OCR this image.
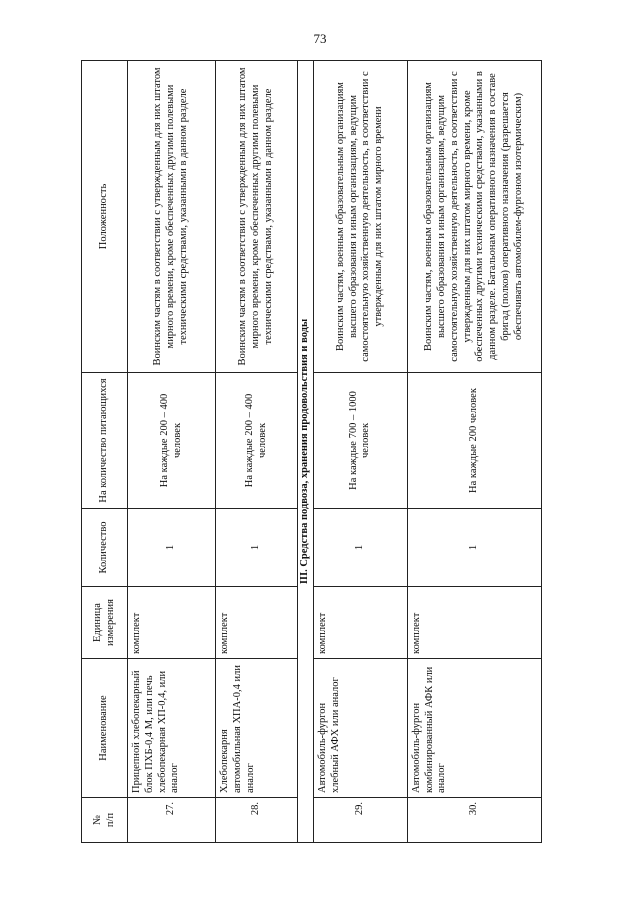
73
№
п/п	Наименование	Единица измерения	Количество	На количество питающихся	Положенность
27.	Прицепной хлебопекарный блок ПХБ-0,4 М, или печь хлебопекарная ХП-0,4, или аналог	комплект	1	На каждые 200 – 400 человек	Воинским частям в соответствии с утвержденным для них штатом мирного времени, кроме обеспеченных другими полевыми техническими средствами, указанными в данном разделе
28.	Хлебопекарня автомобильная ХПА-0,4 или аналог	комплект	1	На каждые 200 – 400 человек	Воинским частям в соответствии с утвержденным для них штатом мирного времени, кроме обеспеченных другими полевыми техническими средствами, указанными в данном разделе
III. Средства подвоза, хранения продовольствия и воды					
29.	Автомобиль-фургон хлебный АФХ или аналог	комплект	1	На каждые 700 – 1000 человек	Воинским частям, военным образовательным организациям высшего образования и иным организациям, ведущим самостоятельную хозяйственную деятельность, в соответствии с утвержденным для них штатом мирного времени
30.	Автомобиль-фургон комбинированный АФК или аналог	комплект	1	На каждые 200 человек	Воинским частям, военным образовательным организациям высшего образования и иным организациям, ведущим самостоятельную хозяйственную деятельность, в соответствии с утвержденным для них штатом мирного времени, кроме обеспеченных другими техническими средствами, указанными в данном разделе. Батальонам оперативного назначения в составе бригад (полков) оперативного назначения (разрешается обеспечивать автомобилем-фургоном изотермическим)
